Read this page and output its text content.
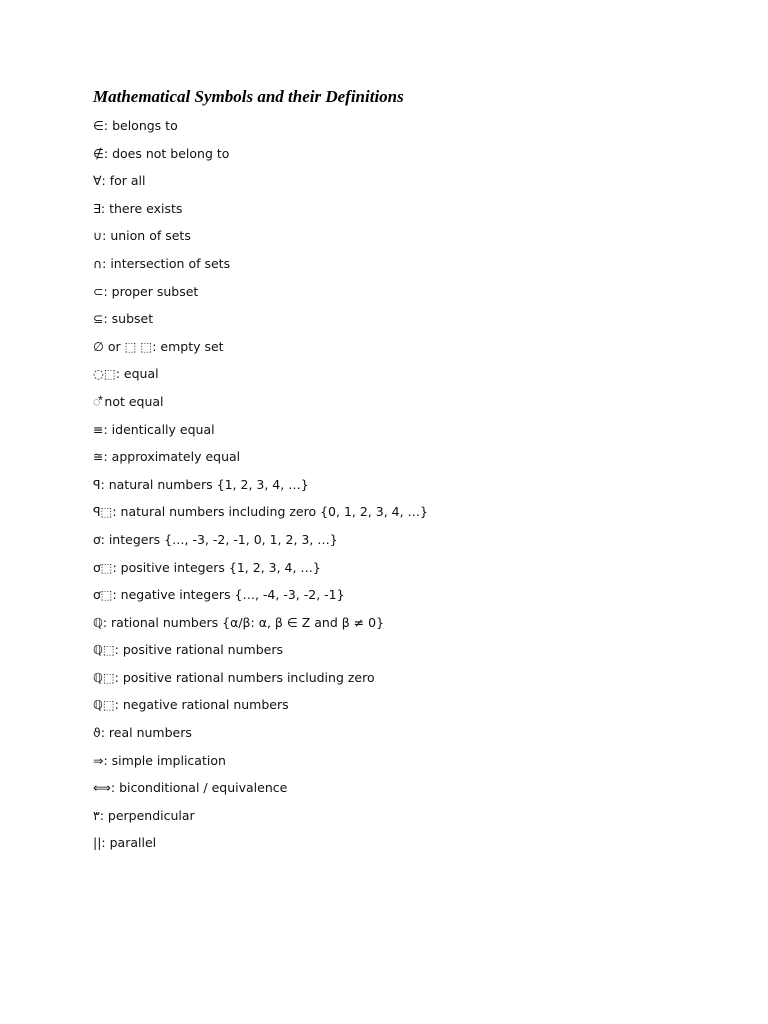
Mathematical Symbols and their Definitions
∈: belongs to
∉: does not belong to
∀: for all
∃: there exists
∪: union of sets
∩: intersection of sets
⊂: proper subset
⊆: subset
∅ or ⬚ ⬚: empty set
◌⬚: equal
◌⃰ not equal
≡: identically equal
≅: approximately equal
ꟼ: natural numbers {1, 2, 3, 4, …}
ꟼ⬚: natural numbers including zero {0, 1, 2, 3, 4, …}
ơ: integers {…, -3, -2, -1, 0, 1, 2, 3, …}
ơ⬚: positive integers {1, 2, 3, 4, …}
ơ⬚: negative integers {…, -4, -3, -2, -1}
ℚ: rational numbers {α/β: α, β ∈ Z and β ≠ 0}
ℚ⬚: positive rational numbers
ℚ⬚: positive rational numbers including zero
ℚ⬚: negative rational numbers
ϑ: real numbers
⇒: simple implication
⟺: biconditional / equivalence
٣: perpendicular
||: parallel
